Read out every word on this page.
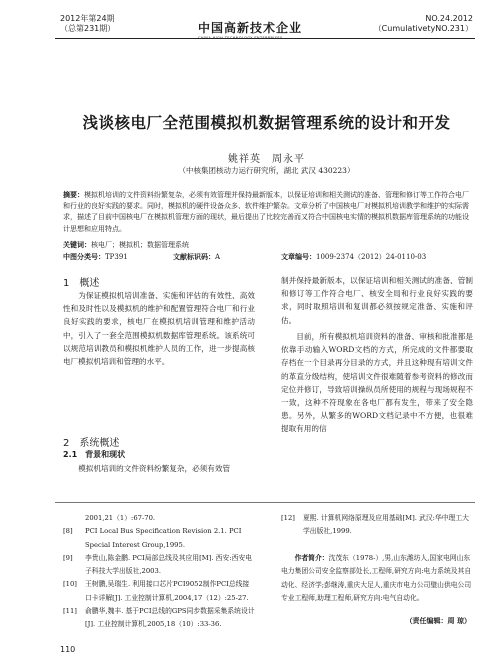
2012年第24期
（总第231期）	中国高新技术企业
CHINA HIGH TECHNOLOGY ENTERPRISES
NO.24.2012
（CumulativetyNO.231）
浅谈核电厂全范围模拟机数据管理系统的设计和开发
姚祥英　周永平
（中核集团核动力运行研究所，湖北 武汉 430223）
摘要：模拟机培训的文件资料纷繁复杂，必须有效管理并保持最新版本，以保证培训和相关测试的准备、管理和修订等工作符合电厂和行业的良好实践的要求。同时，模拟机的硬件设备众多、软件维护繁杂。文章分析了中国核电厂对模拟机培训教学和维护的实际需求，描述了目前中国核电厂在模拟机管理方面的现状，最后提出了比较完善而又符合中国核电实情的模拟机数据库管理系统的功能设计思想和应用特点。
关键词：核电厂；模拟机；数据管理系统
中图分类号：TP391	文献标识码：A	文章编号：1009-2374（2012）24-0110-03
1　概述
为保证模拟机培训准备、实施和评估的有效性、高效性和及时性以及模拟机的维护和配置管理符合电厂和行业良好实践的要求，核电厂在模拟机培训管理和维护活动中，引入了一套全范围模拟机数据库管理系统。该系统可以规范培训教员和模拟机维护人员的工作，进一步提高核电厂模拟机培训和管理的水平。
2　系统概述
2.1　背景和现状
模拟机培训的文件资料纷繁复杂，必须有效管
制并保持最新版本，以保证培训和相关测试的准备、管制和修订等工作符合电厂、核安全局和行业良好实践的要求，同时取照培训和复训都必须按规定准备、实施和评估。
目前，所有模拟机培训资料的准备、审核和批准都是依靠手动输入WORD文档的方式，所完成的文件都要取存档在一个目录再分目录的方式，并且这种现有培训文件的革直分级结构，使培训文件很难随着参考资料的修改而定位并修订，导致培训操纵员所使用的规程与现场规程不一致，这种不符现象在各电厂都有发生，带来了安全隐患。另外，从繁多的WORD文档记录中不方便，也很难提取有用的信
2001,21（1）:67-70.
[8]	PCI Local Bus Specification Revision 2.1. PCI Special Interest Group,1995.
[9]	李贵山,陈金鹏. PCI局部总线及其应用[M]. 西安:西安电子科技大学出版社,2003.
[10]	王树鹏,吴瑞生. 利用接口芯片PCI9052制作PCI总线接口卡详解[J]. 工业控制计算机,2004,17（12）:25-27.
[11]	俞鹏华,魏丰. 基于PCI总线的GPS同步数据采集系统设计[J]. 工业控制计算机,2005,18（10）:33-36.
[12]	夏熙. 计算机网络原理及应用基础[M]. 武汉:华中理工大学出版社,1999.
作者简介：沈茂东（1978-）,男,山东潍坊人,国家电网山东电力集团公司安全监察部处长,工程师,研究方向:电力系统及其自动化、经济学;彭继涛,重庆大足人,重庆市电力公司璧山供电公司专业工程师,助理工程师,研究方向:电气自动化。
（责任编辑：周 琼）
110
